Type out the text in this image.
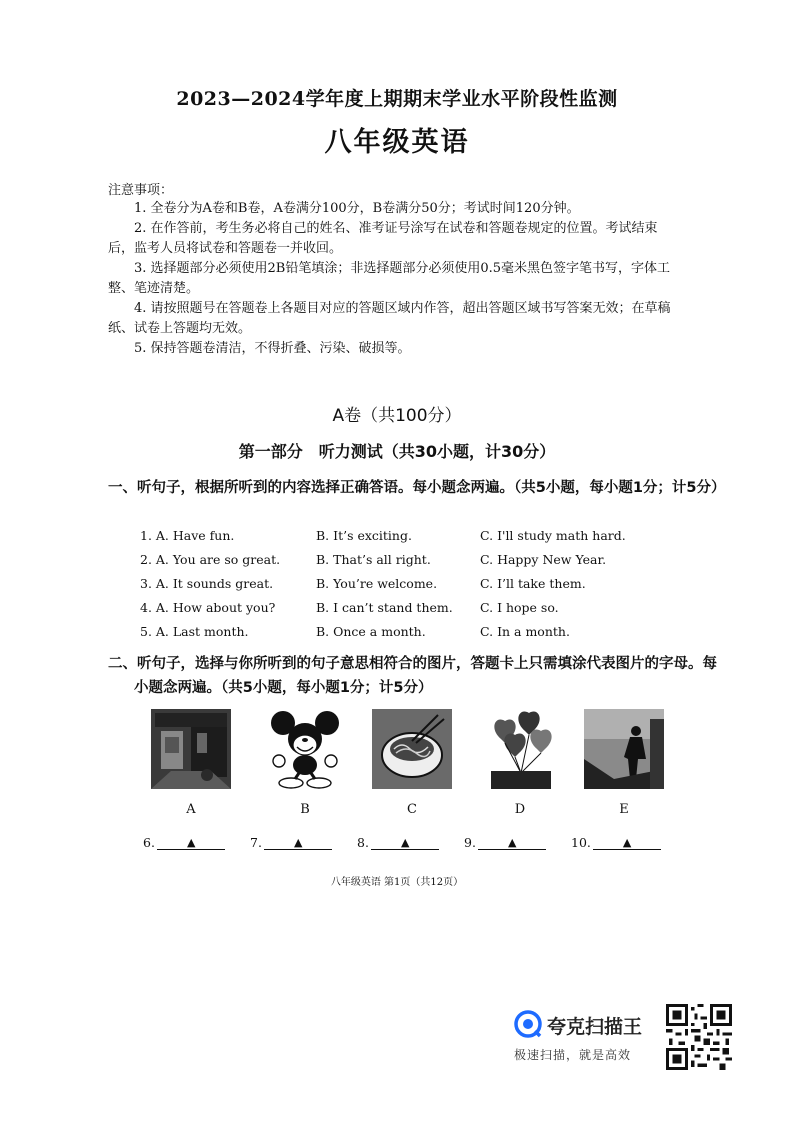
2023—2024学年度上期期末学业水平阶段性监测
八年级英语
注意事项：
1. 全卷分为A卷和B卷，A卷满分100分，B卷满分50分；考试时间120分钟。
2. 在作答前，考生务必将自己的姓名、准考证号涂写在试卷和答题卷规定的位置。考试结束后，监考人员将试卷和答题卷一并收回。
3. 选择题部分必须使用2B铅笔填涂；非选择题部分必须使用0.5毫米黑色签字笔书写，字体工整、笔迹清楚。
4. 请按照题号在答题卷上各题目对应的答题区域内作答，超出答题区域书写答案无效；在草稿纸、试卷上答题均无效。
5. 保持答题卷清洁，不得折叠、污染、破损等。
A卷（共100分）
第一部分　听力测试（共30小题，计30分）
一、听句子，根据所听到的内容选择正确答语。每小题念两遍。（共5小题，每小题1分；计5分）
1. A. Have fun.	B. It’s exciting.	C. I'll study math hard.
2. A. You are so great.	B. That’s all right.	C. Happy New Year.
3. A. It sounds great.	B. You’re welcome.	C. I’ll take them.
4. A. How about you?	B. I can’t stand them. C. I hope so.
5. A. Last month.	B. Once a month.	C. In a month.
二、听句子，选择与你所听到的句子意思相符合的图片，答题卡上只需填涂代表图片的字母。每小题念两遍。（共5小题，每小题1分；计5分）
A	B	C	D	E
6.	▲	7.	▲	8.	▲	9.	▲	10.	▲
八年级英语 第1页（共12页）
夸克扫描王
极速扫描，就是高效
